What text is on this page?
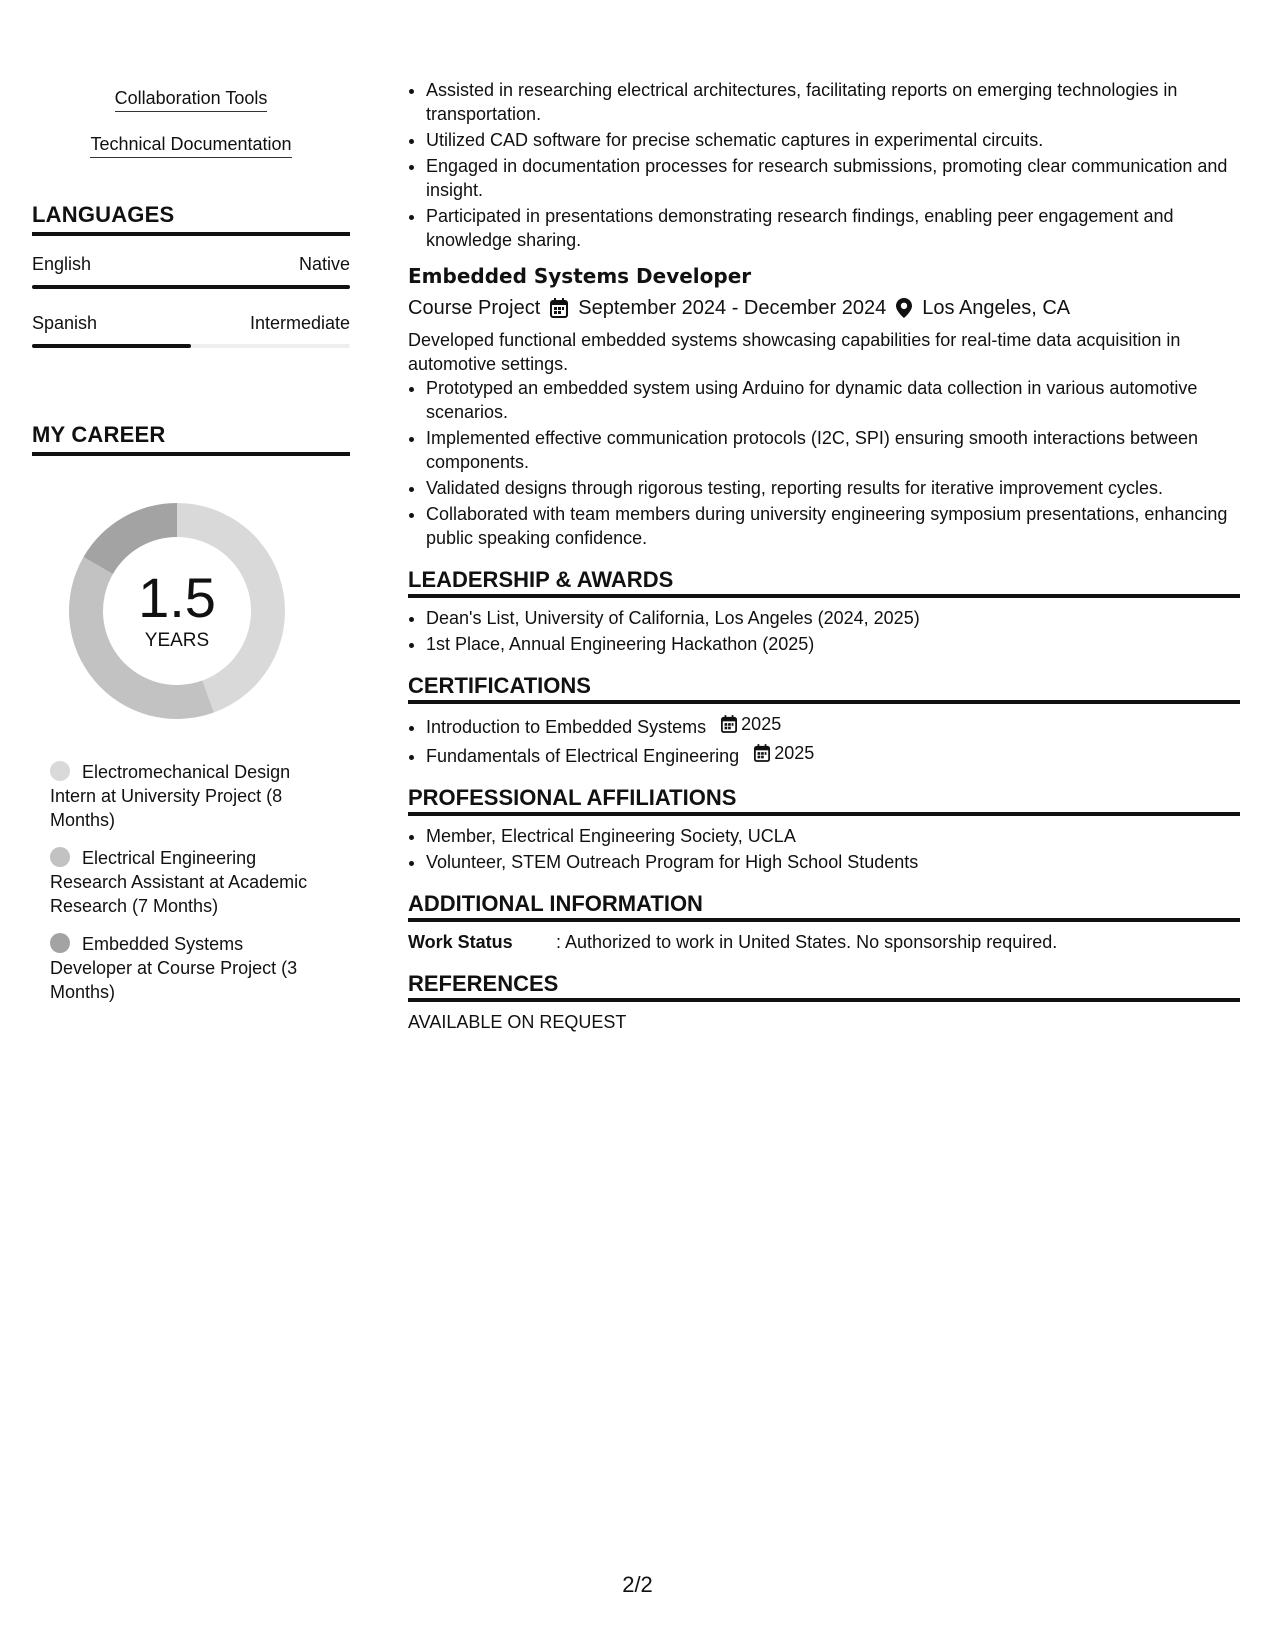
Collaboration Tools
Technical Documentation
LANGUAGES
English	Native
Spanish	Intermediate
MY CAREER
1.5
YEARS
Electromechanical Design Intern at University Project (8 Months)
Electrical Engineering Research Assistant at Academic Research (7 Months)
Embedded Systems Developer at Course Project (3 Months)
• Assisted in researching electrical architectures, facilitating reports on emerging technologies in transportation.
• Utilized CAD software for precise schematic captures in experimental circuits.
• Engaged in documentation processes for research submissions, promoting clear communication and insight.
• Participated in presentations demonstrating research findings, enabling peer engagement and knowledge sharing.
Embedded Systems Developer
Course Project September 2024 - December 2024 Los Angeles, CA
Developed functional embedded systems showcasing capabilities for real-time data acquisition in automotive settings.
• Prototyped an embedded system using Arduino for dynamic data collection in various automotive scenarios.
• Implemented effective communication protocols (I2C, SPI) ensuring smooth interactions between components.
• Validated designs through rigorous testing, reporting results for iterative improvement cycles.
• Collaborated with team members during university engineering symposium presentations, enhancing public speaking confidence.
LEADERSHIP & AWARDS
• Dean's List, University of California, Los Angeles (2024, 2025)
• 1st Place, Annual Engineering Hackathon (2025)
CERTIFICATIONS
• Introduction to Embedded Systems 2025
• Fundamentals of Electrical Engineering 2025
PROFESSIONAL AFFILIATIONS
• Member, Electrical Engineering Society, UCLA
• Volunteer, STEM Outreach Program for High School Students
ADDITIONAL INFORMATION
Work Status	: Authorized to work in United States. No sponsorship required.
REFERENCES
AVAILABLE ON REQUEST
2/2
